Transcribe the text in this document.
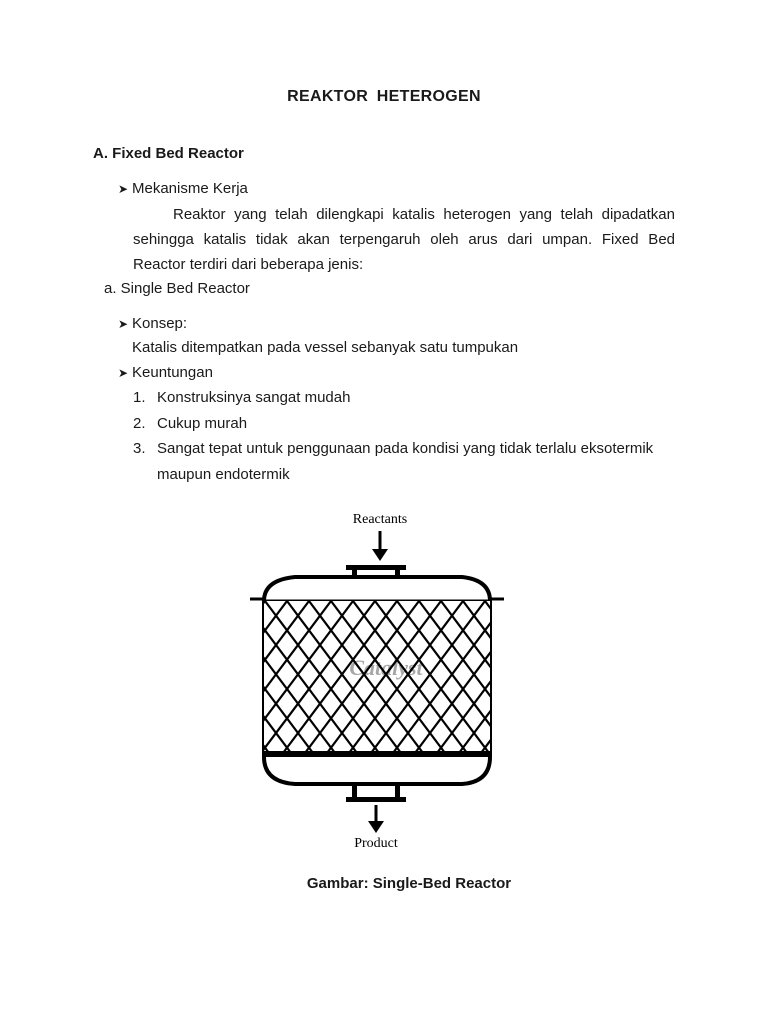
REAKTOR HETEROGEN
A. Fixed Bed Reactor
➤ Mekanisme Kerja
Reaktor yang telah dilengkapi katalis heterogen yang telah dipadatkan
sehingga katalis tidak akan terpengaruh oleh arus dari umpan. Fixed Bed
Reactor terdiri dari beberapa jenis:
a. Single Bed Reactor
➤ Konsep:
Katalis ditempatkan pada vessel sebanyak satu tumpukan
➤ Keuntungan
1. Konstruksinya sangat mudah
2. Cukup murah
3. Sangat tepat untuk penggunaan pada kondisi yang tidak terlalu eksotermik
maupun endotermik
Reactants
Catalyst
Product
Gambar: Single-Bed Reactor
